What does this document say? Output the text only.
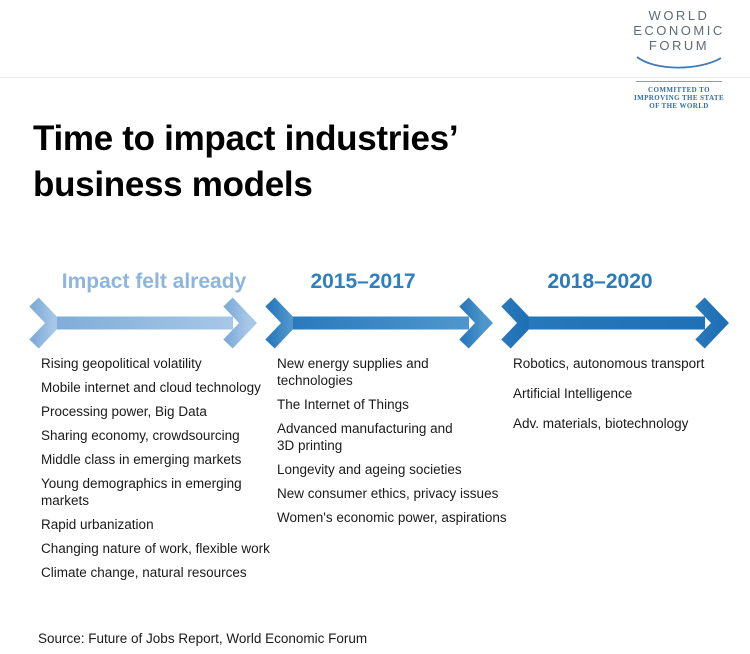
WORLD
ECONOMIC
FORUM
COMMITTED TO
IMPROVING THE STATE
OF THE WORLD
Time to impact industries’
business models
Impact felt already
Rising geopolitical volatility
Mobile internet and cloud technology
Processing power, Big Data
Sharing economy, crowdsourcing
Middle class in emerging markets
Young demographics in emerging
markets
Rapid urbanization
Changing nature of work, flexible work
Climate change, natural resources
2015–2017
New energy supplies and
technologies
The Internet of Things
Advanced manufacturing and
3D printing
Longevity and ageing societies
New consumer ethics, privacy issues
Women's economic power, aspirations
2018–2020
Robotics, autonomous transport
Artificial Intelligence
Adv. materials, biotechnology
Source: Future of Jobs Report, World Economic Forum
